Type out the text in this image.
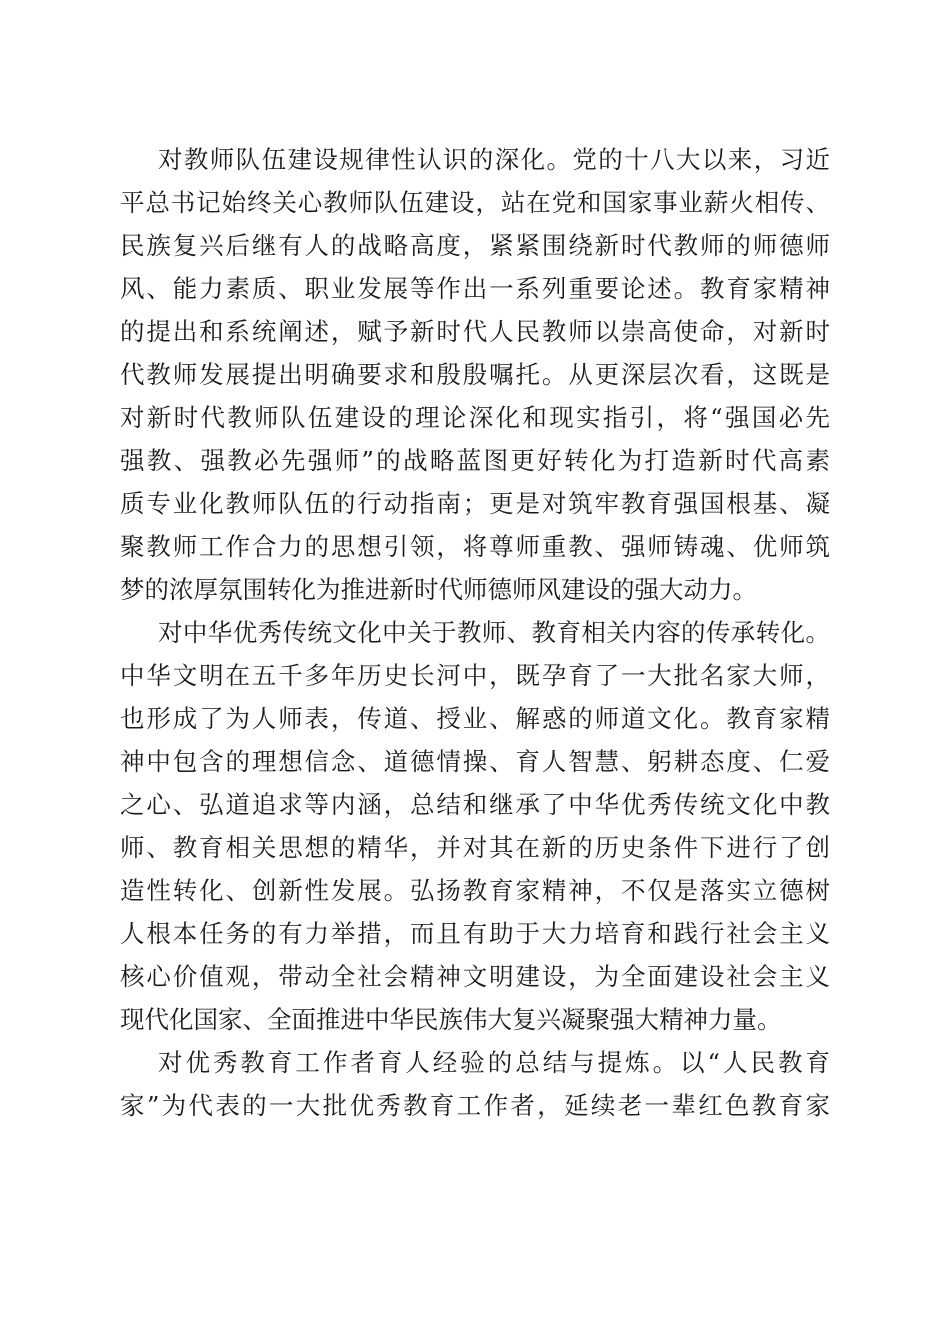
对教师队伍建设规律性认识的深化。党的十八大以来，习近
平总书记始终关心教师队伍建设，站在党和国家事业薪火相传、
民族复兴后继有人的战略高度，紧紧围绕新时代教师的师德师
风、能力素质、职业发展等作出一系列重要论述。教育家精神
的提出和系统阐述，赋予新时代人民教师以崇高使命，对新时
代教师发展提出明确要求和殷殷嘱托。从更深层次看，这既是
对新时代教师队伍建设的理论深化和现实指引，将“强国必先
强教、强教必先强师”的战略蓝图更好转化为打造新时代高素
质专业化教师队伍的行动指南；更是对筑牢教育强国根基、凝
聚教师工作合力的思想引领，将尊师重教、强师铸魂、优师筑
梦的浓厚氛围转化为推进新时代师德师风建设的强大动力。
对中华优秀传统文化中关于教师、教育相关内容的传承转化。
中华文明在五千多年历史长河中，既孕育了一大批名家大师，
也形成了为人师表，传道、授业、解惑的师道文化。教育家精
神中包含的理想信念、道德情操、育人智慧、躬耕态度、仁爱
之心、弘道追求等内涵，总结和继承了中华优秀传统文化中教
师、教育相关思想的精华，并对其在新的历史条件下进行了创
造性转化、创新性发展。弘扬教育家精神，不仅是落实立德树
人根本任务的有力举措，而且有助于大力培育和践行社会主义
核心价值观，带动全社会精神文明建设，为全面建设社会主义
现代化国家、全面推进中华民族伟大复兴凝聚强大精神力量。
对优秀教育工作者育人经验的总结与提炼。以“人民教育
家”为代表的一大批优秀教育工作者，延续老一辈红色教育家
